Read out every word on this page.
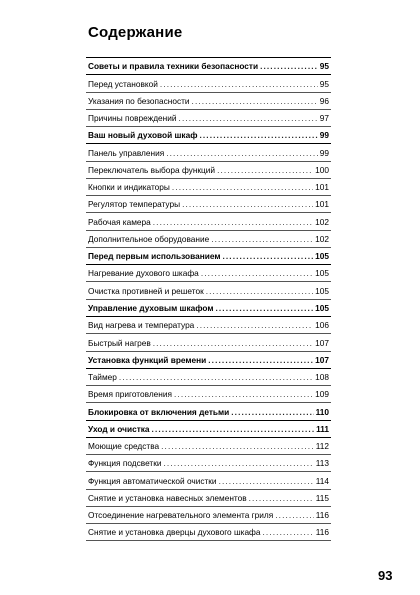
Содержание
Советы и правила техники безопасности . . .	95
Перед установкой . . .	95
Указания по безопасности . . .	96
Причины повреждений . . .	97
Ваш новый духовой шкаф . . .	99
Панель управления . . .	99
Переключатель выбора функций . . .	100
Кнопки и индикаторы . . .	101
Регулятор температуры . . .	101
Рабочая камера . . .	102
Дополнительное оборудование . . .	102
Перед первым использованием . . .	105
Нагревание духового шкафа . . .	105
Очистка противней и решеток . . .	105
Управление духовым шкафом . . .	105
Вид нагрева и температура . . .	106
Быстрый нагрев . . .	107
Установка функций времени . . .	107
Таймер . . .	108
Время приготовления . . .	109
Блокировка от включения детьми . . .	110
Уход и очистка . . .	111
Моющие средства . . .	112
Функция подсветки . . .	113
Функция автоматической очистки . . .	114
Снятие и установка навесных элементов . . .	115
Отсоединение нагревательного элемента гриля . . .	116
Снятие и установка дверцы духового шкафа . . .	116
93
